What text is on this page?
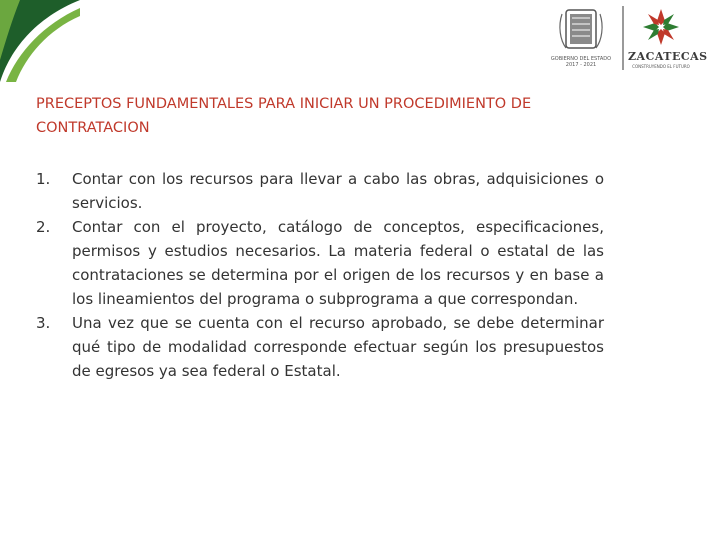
GOBIERNO DEL ESTADO
2017 - 2021
ZACATECAS
CONSTRUYENDO EL FUTURO
PRECEPTOS FUNDAMENTALES PARA INICIAR UN PROCEDIMIENTO DE CONTRATACION
1. Contar con los recursos para llevar a cabo las obras, adquisiciones o servicios.
2. Contar con el proyecto, catálogo de conceptos, especificaciones, permisos y estudios necesarios. La materia federal o estatal de las contrataciones se determina por el origen de los recursos y en base a los lineamientos del programa o subprograma a que correspondan.
3. Una vez que se cuenta con el recurso aprobado, se debe determinar qué tipo de modalidad corresponde efectuar según los presupuestos de egresos ya sea federal o Estatal.
